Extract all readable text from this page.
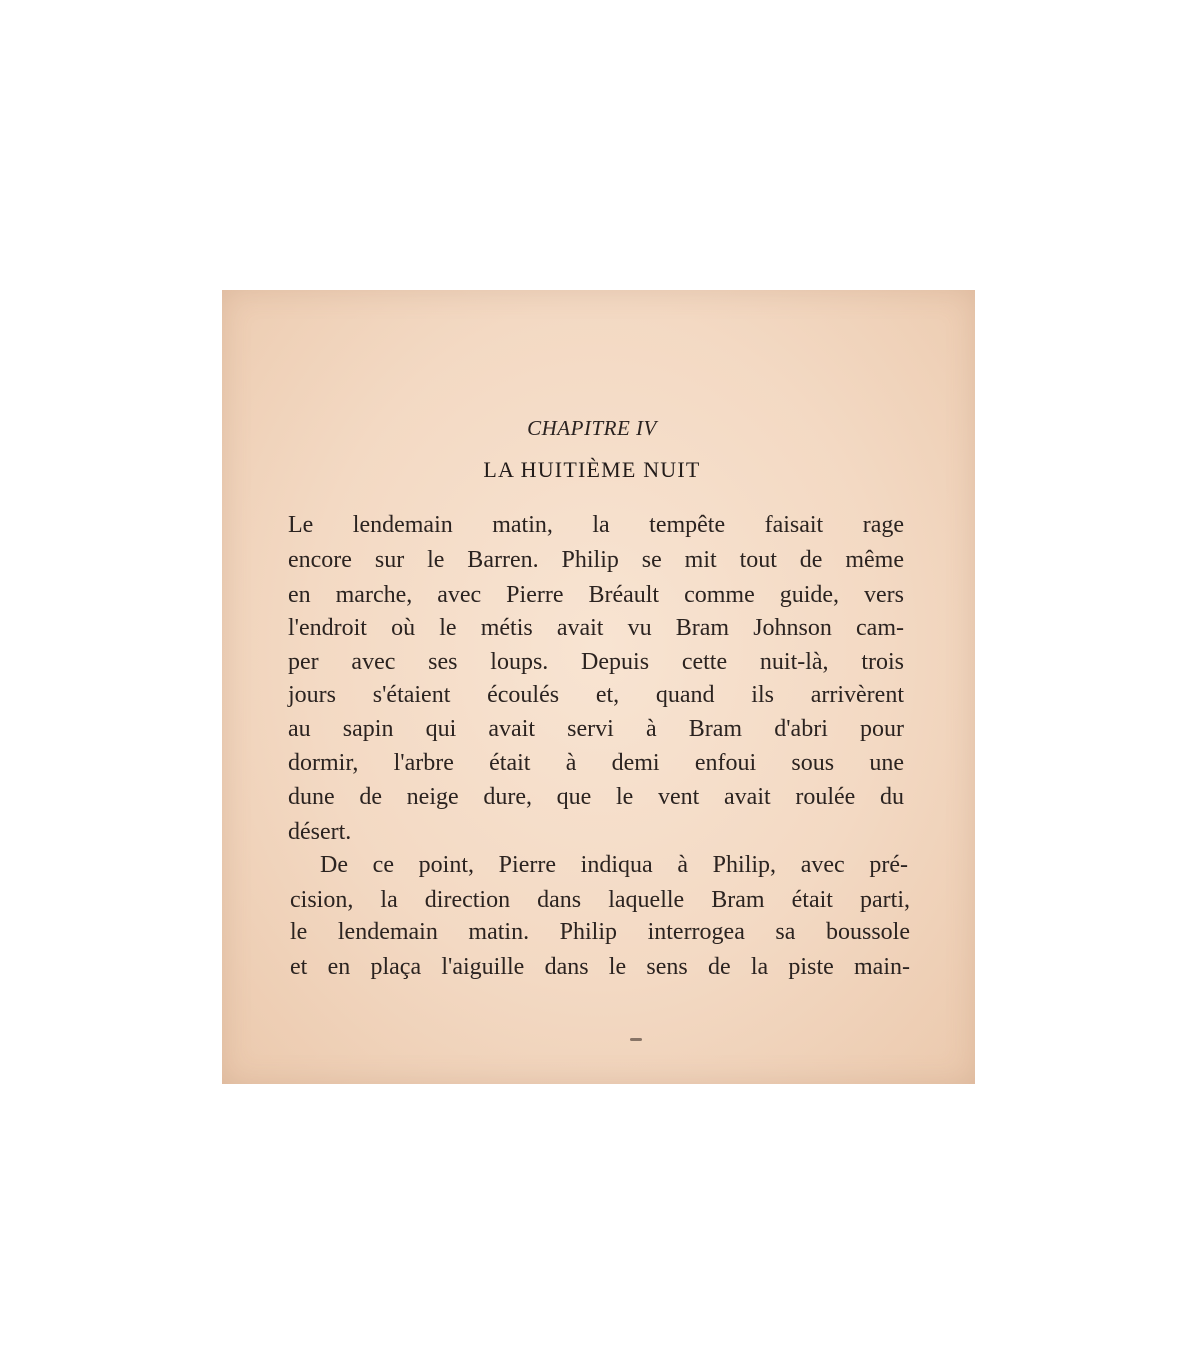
CHAPITRE IV
LA HUITIÈME NUIT
Le lendemain matin, la tempête faisait rage
encore sur le Barren. Philip se mit tout de même
en marche, avec Pierre Bréault comme guide, vers
l'endroit où le métis avait vu Bram Johnson cam-
per avec ses loups. Depuis cette nuit-là, trois
jours s'étaient écoulés et, quand ils arrivèrent
au sapin qui avait servi à Bram d'abri pour
dormir, l'arbre était à demi enfoui sous une
dune de neige dure, que le vent avait roulée du
désert.
De ce point, Pierre indiqua à Philip, avec pré-
cision, la direction dans laquelle Bram était parti,
le lendemain matin. Philip interrogea sa boussole
et en plaça l'aiguille dans le sens de la piste main-
